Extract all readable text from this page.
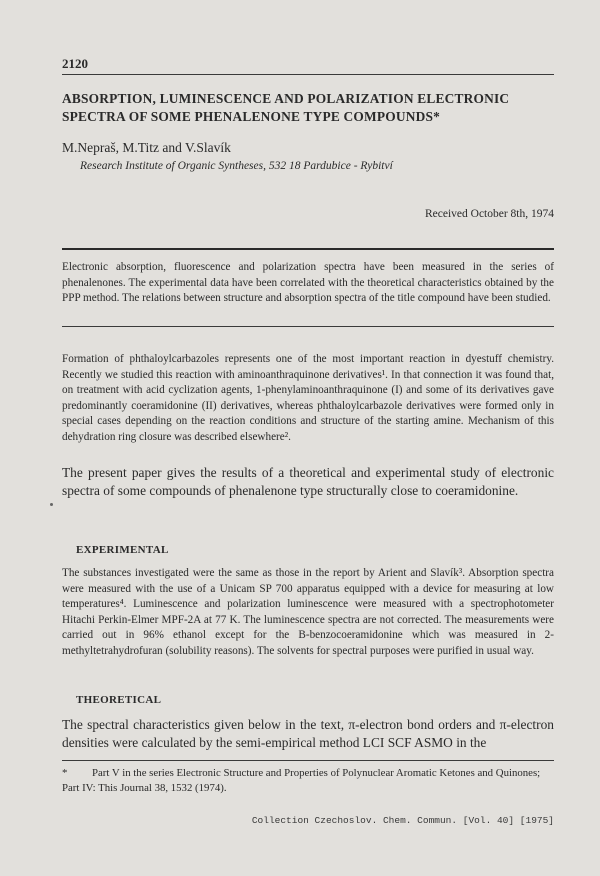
2120
ABSORPTION, LUMINESCENCE AND POLARIZATION ELECTRONIC SPECTRA OF SOME PHENALENONE TYPE COMPOUNDS*
M.Nepraš, M.Titz and V.Slavík
Research Institute of Organic Syntheses, 532 18 Pardubice - Rybitví
Received October 8th, 1974
Electronic absorption, fluorescence and polarization spectra have been measured in the series of phenalenones. The experimental data have been correlated with the theoretical characteristics obtained by the PPP method. The relations between structure and absorption spectra of the title compound have been studied.
Formation of phthaloylcarbazoles represents one of the most important reaction in dyestuff chemistry. Recently we studied this reaction with aminoanthraquinone derivatives¹. In that connection it was found that, on treatment with acid cyclization agents, 1-phenylaminoanthraquinone (I) and some of its derivatives gave predominantly coeramidonine (II) derivatives, whereas phthaloylcarbazole derivatives were formed only in special cases depending on the reaction conditions and structure of the starting amine. Mechanism of this dehydration ring closure was described elsewhere².
The present paper gives the results of a theoretical and experimental study of electronic spectra of some compounds of phenalenone type structurally close to coeramidonine.
EXPERIMENTAL
The substances investigated were the same as those in the report by Arient and Slavík³. Absorption spectra were measured with the use of a Unicam SP 700 apparatus equipped with a device for measuring at low temperatures⁴. Luminescence and polarization luminescence were measured with a spectrophotometer Hitachi Perkin-Elmer MPF-2A at 77 K. The luminescence spectra are not corrected. The measurements were carried out in 96% ethanol except for the B-benzocoeramidonine which was measured in 2-methyltetrahydrofuran (solubility reasons). The solvents for spectral purposes were purified in usual way.
THEORETICAL
The spectral characteristics given below in the text, π-electron bond orders and π-electron densities were calculated by the semi-empirical method LCI SCF ASMO in the
* Part V in the series Electronic Structure and Properties of Polynuclear Aromatic Ketones and Quinones; Part IV: This Journal 38, 1532 (1974).
Collection Czechoslov. Chem. Commun. [Vol. 40] [1975]
